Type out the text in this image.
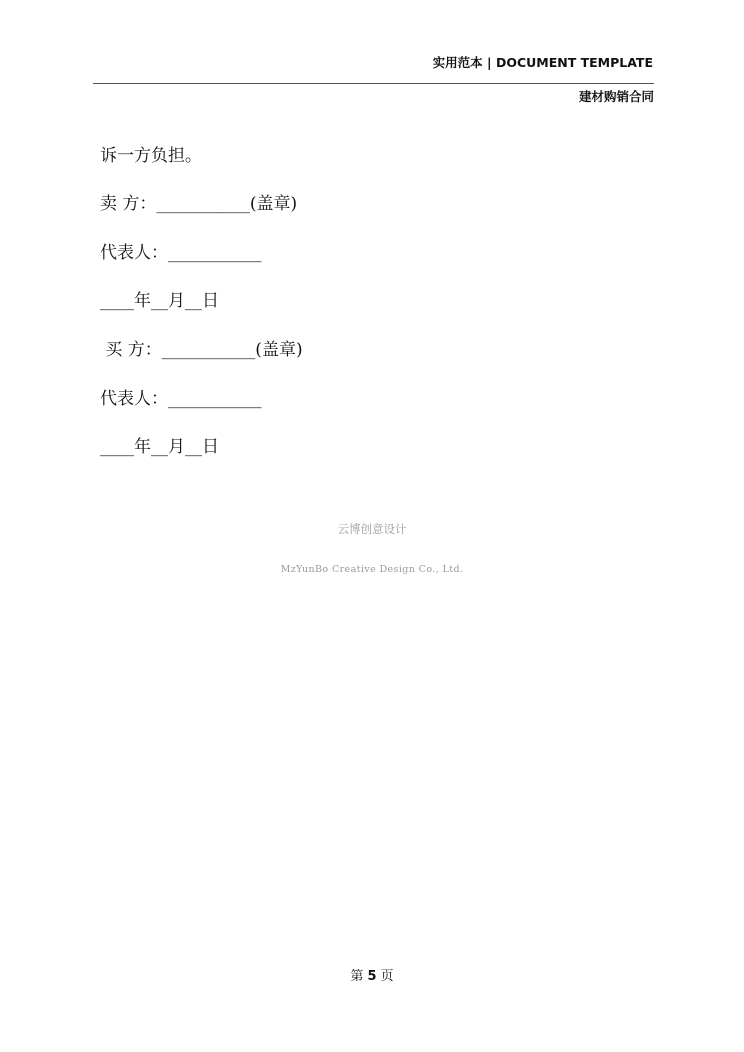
实用范本 | DOCUMENT TEMPLATE
建材购销合同
诉一方负担。
卖 方：___________(盖章)
代表人：___________
____年__月__日
买 方：___________(盖章)
代表人：___________
____年__月__日
云博创意设计
MzYunBo Creative Design Co., Ltd.
第 5 页
